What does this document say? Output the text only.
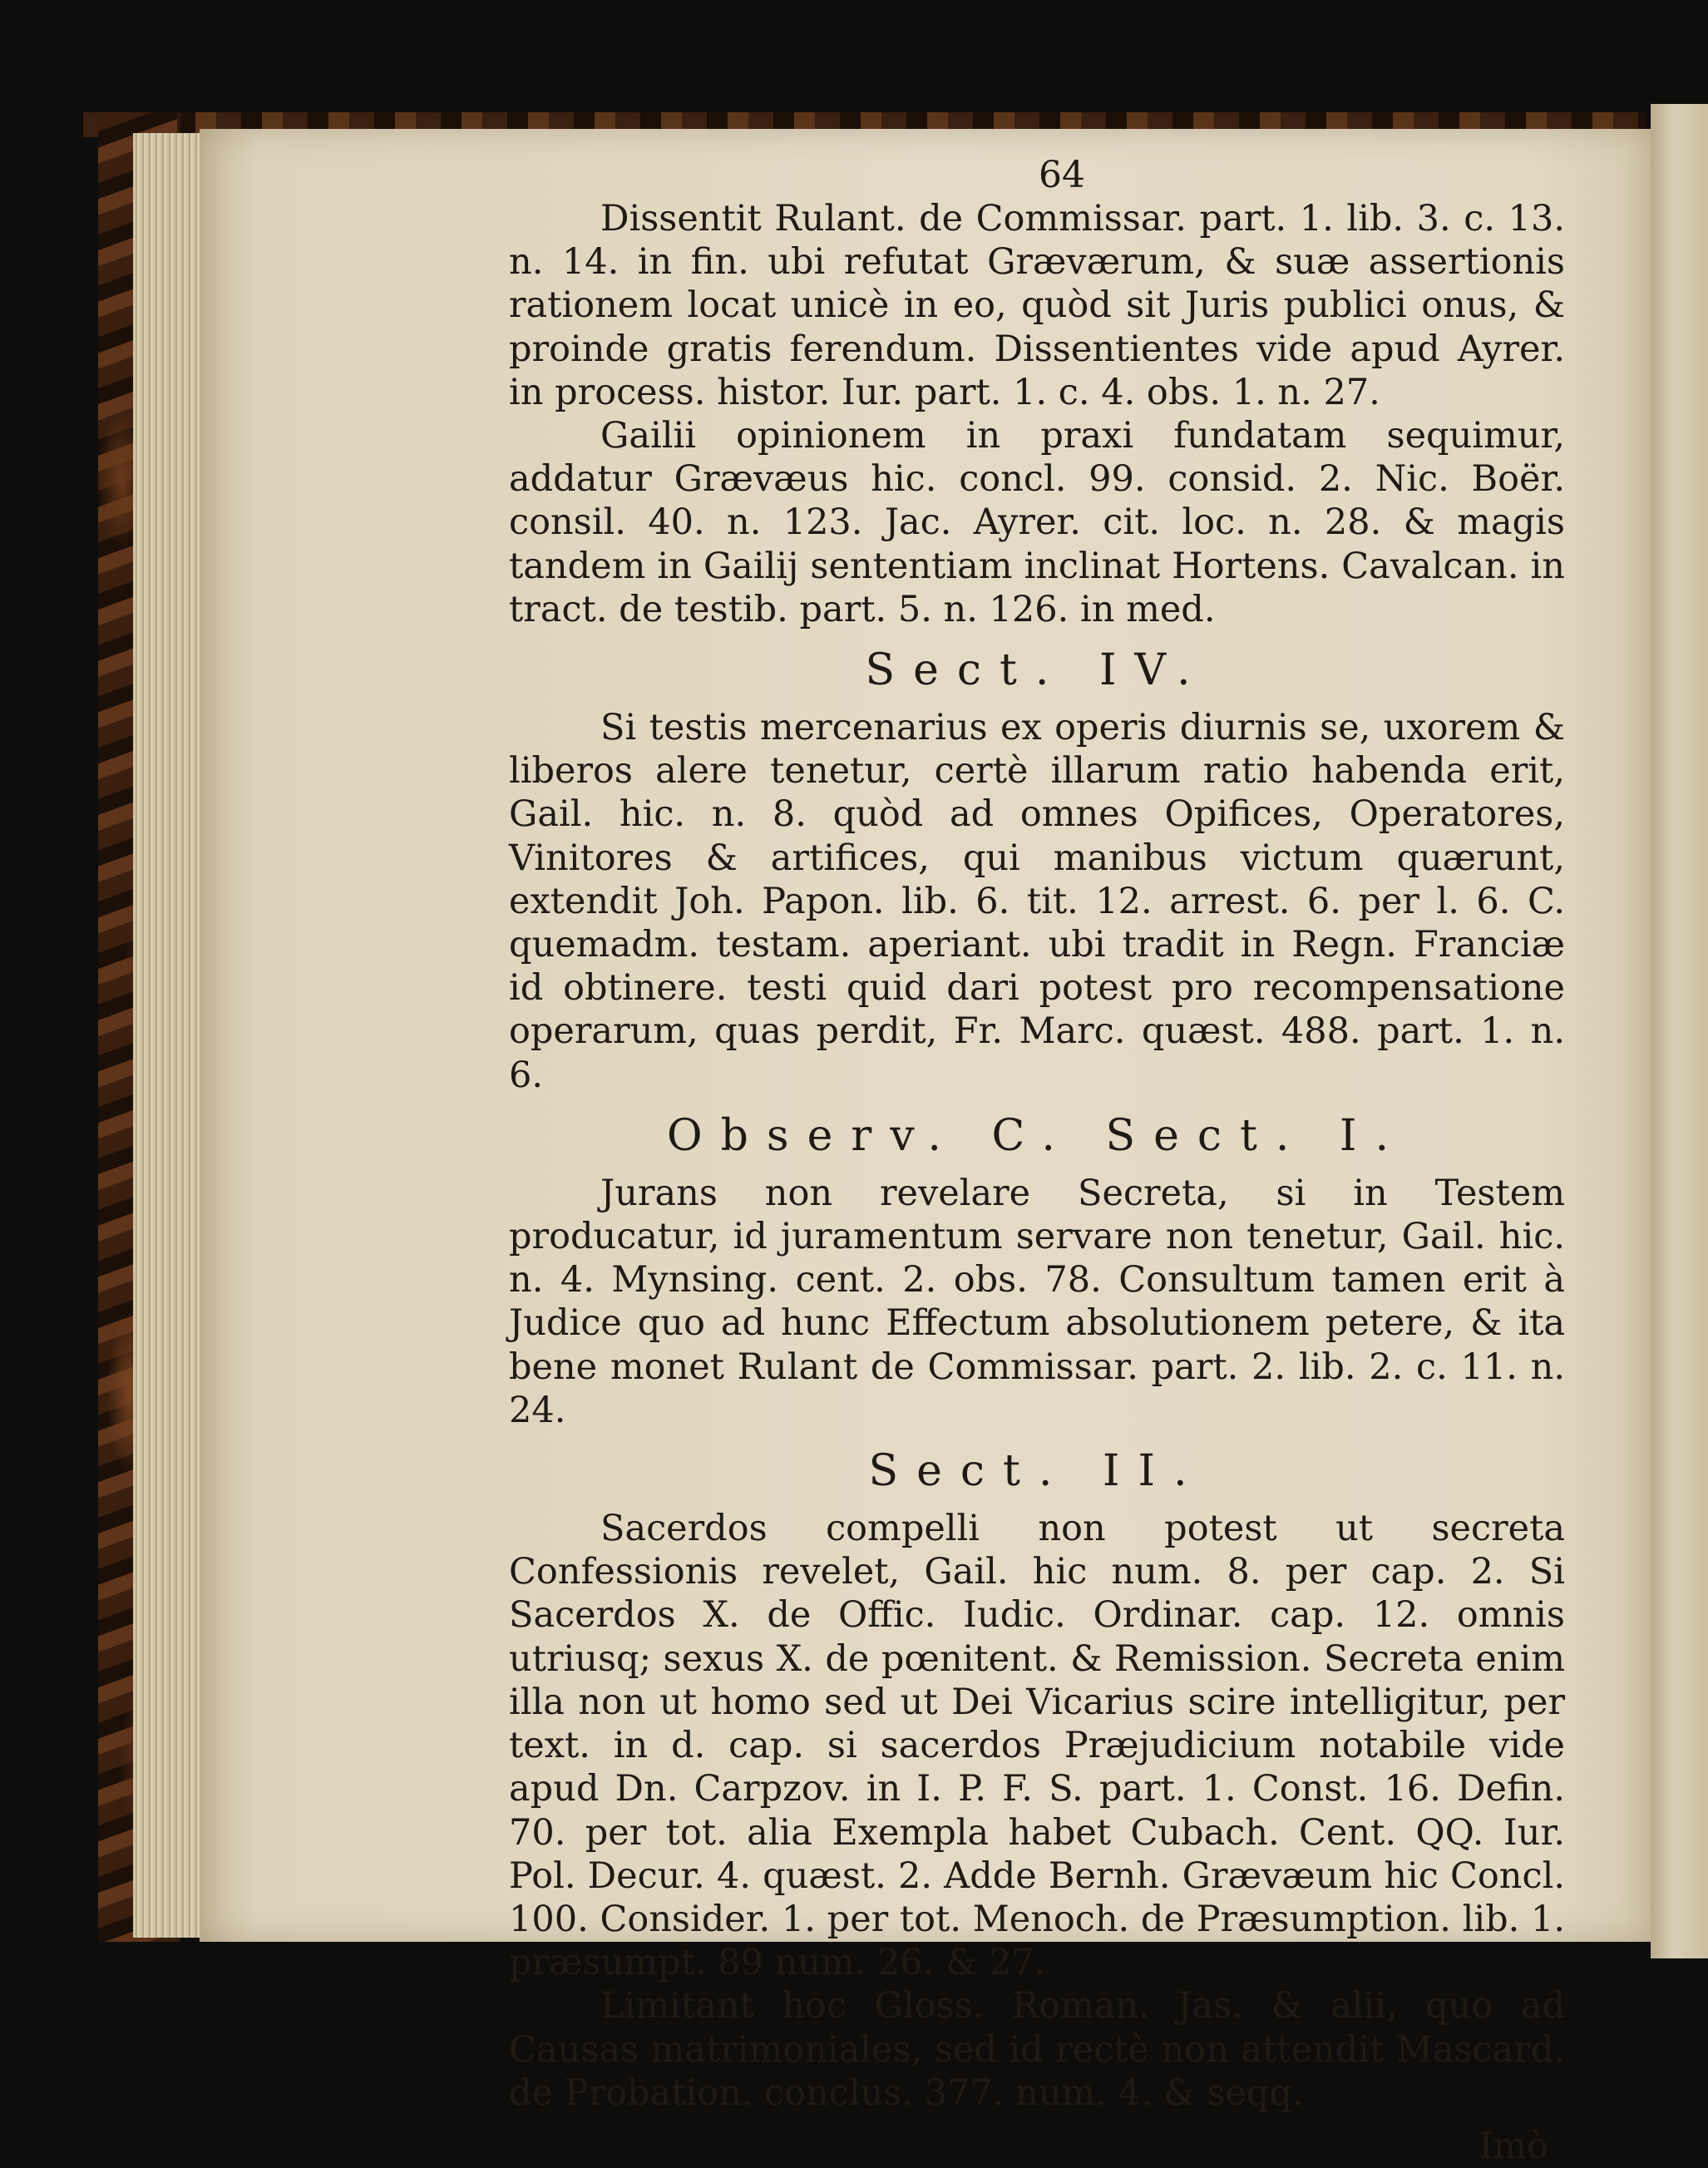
64

Dissentit Rulant. de Commissar. part. 1. lib. 3. c. 13. n. 14. in fin. ubi refutat Græværum, & suæ assertionis rationem locat unicè in eo, quòd sit Juris publici onus, & proinde gratis ferendum. Dissentientes vide apud Ayrer. in process. histor. Iur. part. 1. c. 4. obs. 1. n. 27.

Gailii opinionem in praxi fundatam sequimur, addatur Grævæus hic. concl. 99. consid. 2. Nic. Boër. consil. 40. n. 123. Jac. Ayrer. cit. loc. n. 28. & magis tandem in Gailij sententiam inclinat Hortens. Cavalcan. in tract. de testib. part. 5. n. 126. in med.

Sect. IV.

Si testis mercenarius ex operis diurnis se, uxorem & liberos alere tenetur, certè illarum ratio habenda erit, Gail. hic. n. 8. quòd ad omnes Opifices, Operatores, Vinitores & artifices, qui manibus victum quærunt, extendit Joh. Papon. lib. 6. tit. 12. arrest. 6. per l. 6. C. quemadm. testam. aperiant. ubi tradit in Regn. Franciæ id obtinere. testi quid dari potest pro recompensatione operarum, quas perdit, Fr. Marc. quæst. 488. part. 1. n. 6.

Observ. C. Sect. I.

Jurans non revelare Secreta, si in Testem producatur, id juramentum servare non tenetur, Gail. hic. n. 4. Mynsing. cent. 2. obs. 78. Consultum tamen erit à Judice quo ad hunc Effectum absolutionem petere, & ita bene monet Rulant de Commissar. part. 2. lib. 2. c. 11. n. 24.

Sect. II.

Sacerdos compelli non potest ut secreta Confessionis revelet, Gail. hic num. 8. per cap. 2. Si Sacerdos X. de Offic. Iudic. Ordinar. cap. 12. omnis utriusq; sexus X. de pœnitent. & Remission. Secreta enim illa non ut homo sed ut Dei Vicarius scire intelligitur, per text. in d. cap. si sacerdos Præjudicium notabile vide apud Dn. Carpzov. in I. P. F. S. part. 1. Const. 16. Defin. 70. per tot. alia Exempla habet Cubach. Cent. QQ. Iur. Pol. Decur. 4. quæst. 2. Adde Bernh. Grævæum hic Concl. 100. Consider. 1. per tot. Menoch. de Præsumption. lib. 1. præsumpt. 89 num. 26. & 27.

Limitant hoc Gloss. Roman. Jas. & alii, quo ad Causas matrimoniales, sed id rectè non attendit Mascard. de Probation. conclus. 377. num. 4. & seqq.

Imò
